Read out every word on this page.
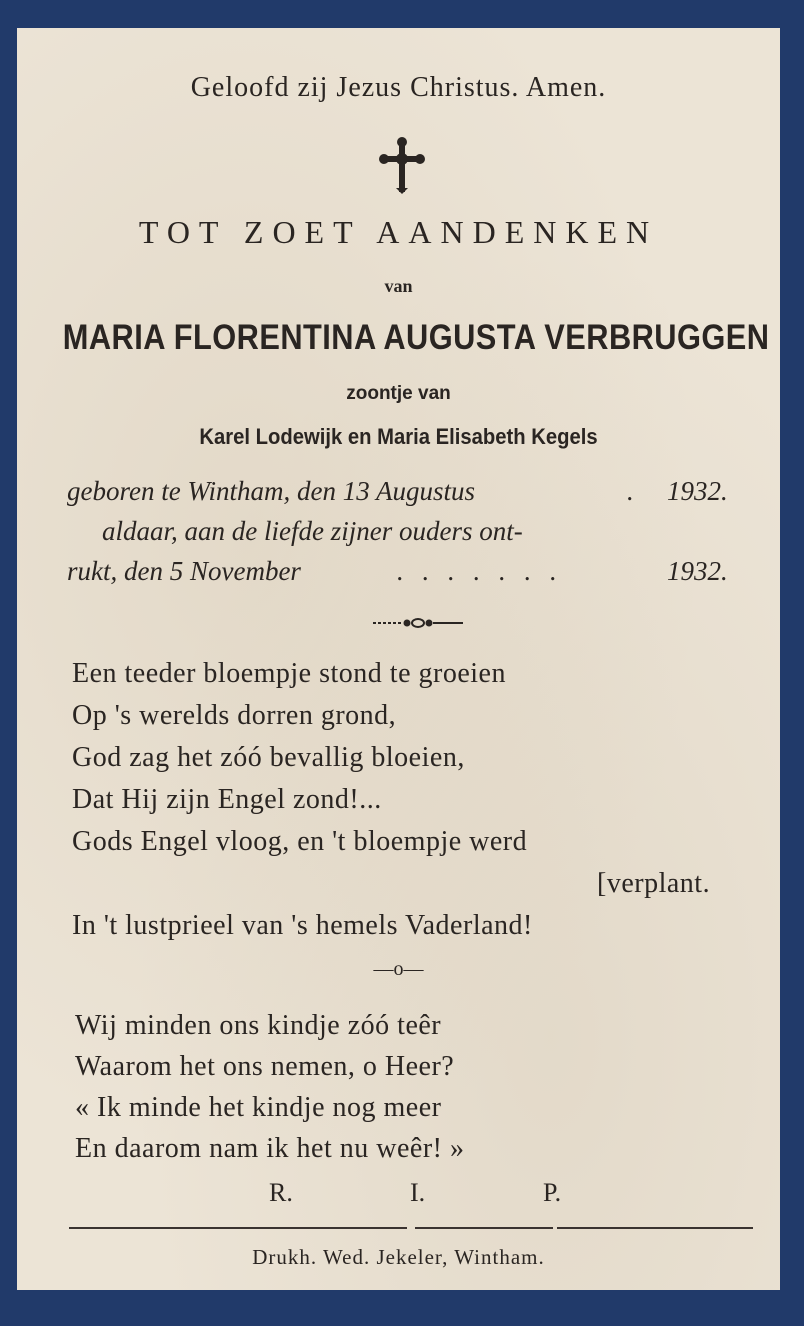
Geloofd zij Jezus Christus. Amen.
TOT ZOET AANDENKEN
van
MARIA FLORENTINA AUGUSTA VERBRUGGEN
zoontje van
Karel Lodewijk en Maria Elisabeth Kegels
geboren te Wintham, den 13 Augustus	. 1932.
aldaar, aan de liefde zijner ouders ont-
rukt, den 5 November	. . . . . . .	1932.
Een teeder bloempje stond te groeien
Op 's werelds dorren grond,
God zag het zóó bevallig bloeien,
Dat Hij zijn Engel zond!...
Gods Engel vloog, en 't bloempje werd
[verplant.
In 't lustprieel van 's hemels Vaderland!
—o—
Wij minden ons kindje zóó teêr
Waarom het ons nemen, o Heer?
« Ik minde het kindje nog meer
En daarom nam ik het nu weêr! »
R.	I.	P.
Drukh. Wed. Jekeler, Wintham.
